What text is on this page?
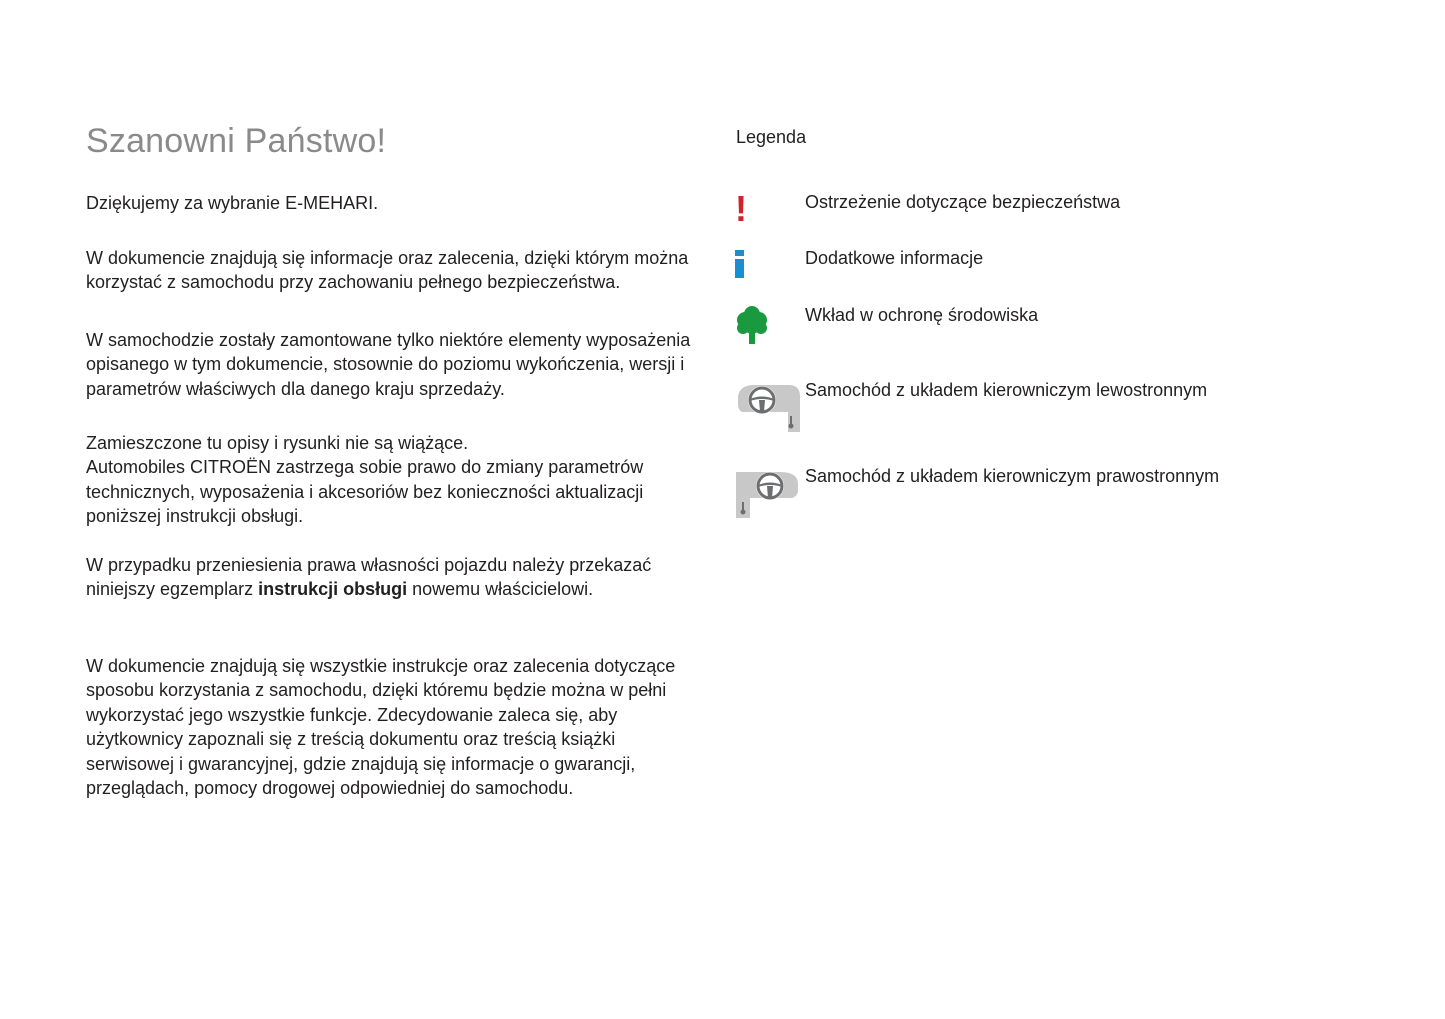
Szanowni Państwo!

Dziękujemy za wybranie E-MEHARI.

W dokumencie znajdują się informacje oraz zalecenia, dzięki którym można korzystać z samochodu przy zachowaniu pełnego bezpieczeństwa.

W samochodzie zostały zamontowane tylko niektóre elementy wyposażenia opisanego w tym dokumencie, stosownie do poziomu wykończenia, wersji i parametrów właściwych dla danego kraju sprzedaży.

Zamieszczone tu opisy i rysunki nie są wiążące.
Automobiles CITROËN zastrzega sobie prawo do zmiany parametrów technicznych, wyposażenia i akcesoriów bez konieczności aktualizacji poniższej instrukcji obsługi.

W przypadku przeniesienia prawa własności pojazdu należy przekazać niniejszy egzemplarz instrukcji obsługi nowemu właścicielowi.

W dokumencie znajdują się wszystkie instrukcje oraz zalecenia dotyczące sposobu korzystania z samochodu, dzięki któremu będzie można w pełni wykorzystać jego wszystkie funkcje. Zdecydowanie zaleca się, aby użytkownicy zapoznali się z treścią dokumentu oraz treścią książki serwisowej i gwarancyjnej, gdzie znajdują się informacje o gwarancji, przeglądach, pomocy drogowej odpowiedniej do samochodu.

Legenda
!	Ostrzeżenie dotyczące bezpieczeństwa
Dodatkowe informacje
Wkład w ochronę środowiska
Samochód z układem kierowniczym lewostronnym
Samochód z układem kierowniczym prawostronnym
